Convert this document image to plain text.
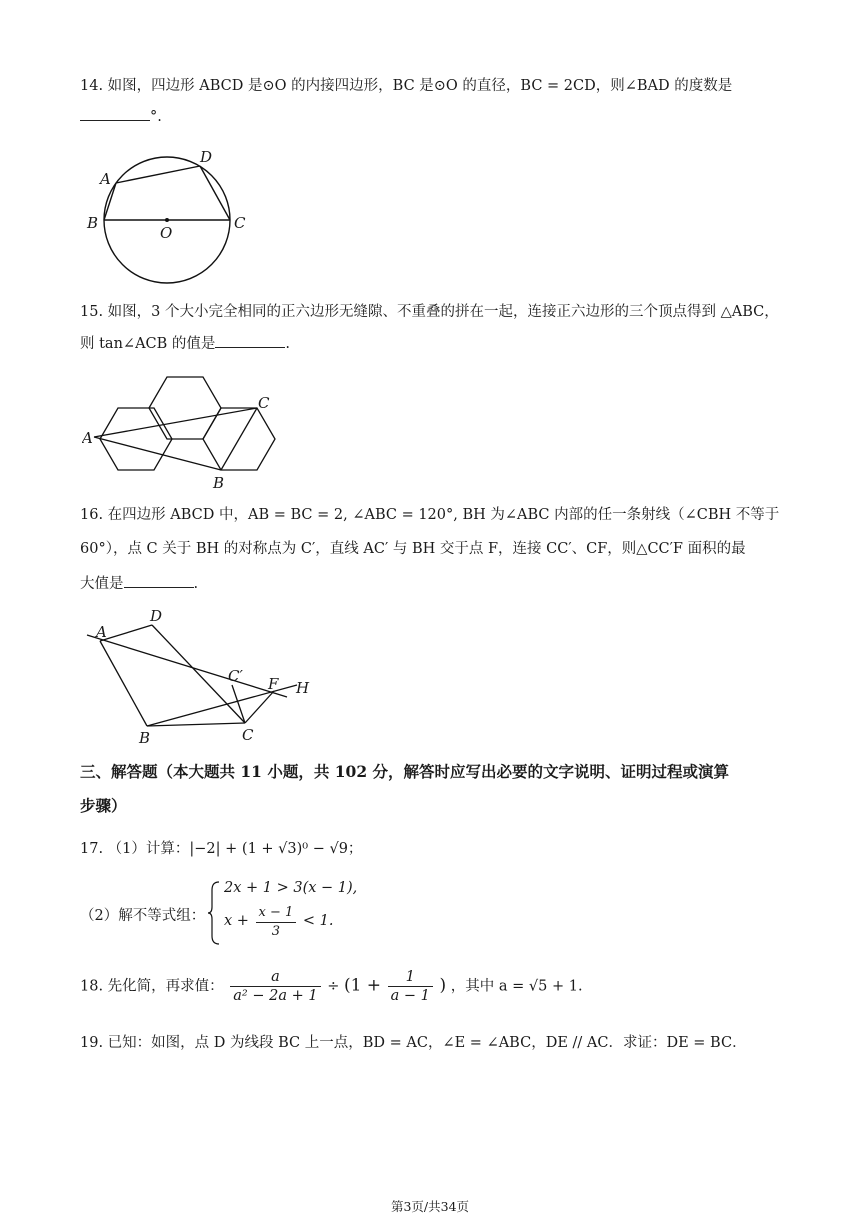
14. 如图，四边形 ABCD 是⊙O 的内接四边形，BC 是⊙O 的直径，BC = 2CD，则∠BAD 的度数是
°.
A
D
B	C
O
15. 如图，3 个大小完全相同的正六边形无缝隙、不重叠的拼在一起，连接正六边形的三个顶点得到 △ABC，
则 tan∠ACB 的值是	.
A
C
B
16. 在四边形 ABCD 中，AB = BC = 2, ∠ABC = 120°, BH 为∠ABC 内部的任一条射线（∠CBH 不等于
60°），点 C 关于 BH 的对称点为 C′，直线 AC′ 与 BH 交于点 F，连接 CC′、CF，则△CC′F 面积的最
大值是	.
A
D
C′ F H
B	C
三、解答题（本大题共 11 小题，共 102 分，解答时应写出必要的文字说明、证明过程或演算
步骤）
17. （1）计算：|−2| + (1 + √3)⁰ − √9；
（2）解不等式组：
2x + 1 > 3(x − 1),
$x + \frac{x - 1}{3} < 1$.
18. 先化简，再求值： $\frac{a}{\text{a² − 2a + 1}} \div (1 + \frac{1}{a - 1}$ ) ，其中 a = √5 + 1.
19. 已知：如图，点 D 为线段 BC 上一点，BD = AC，∠E = ∠ABC，DE // AC．求证：DE = BC．
第3页/共34页
